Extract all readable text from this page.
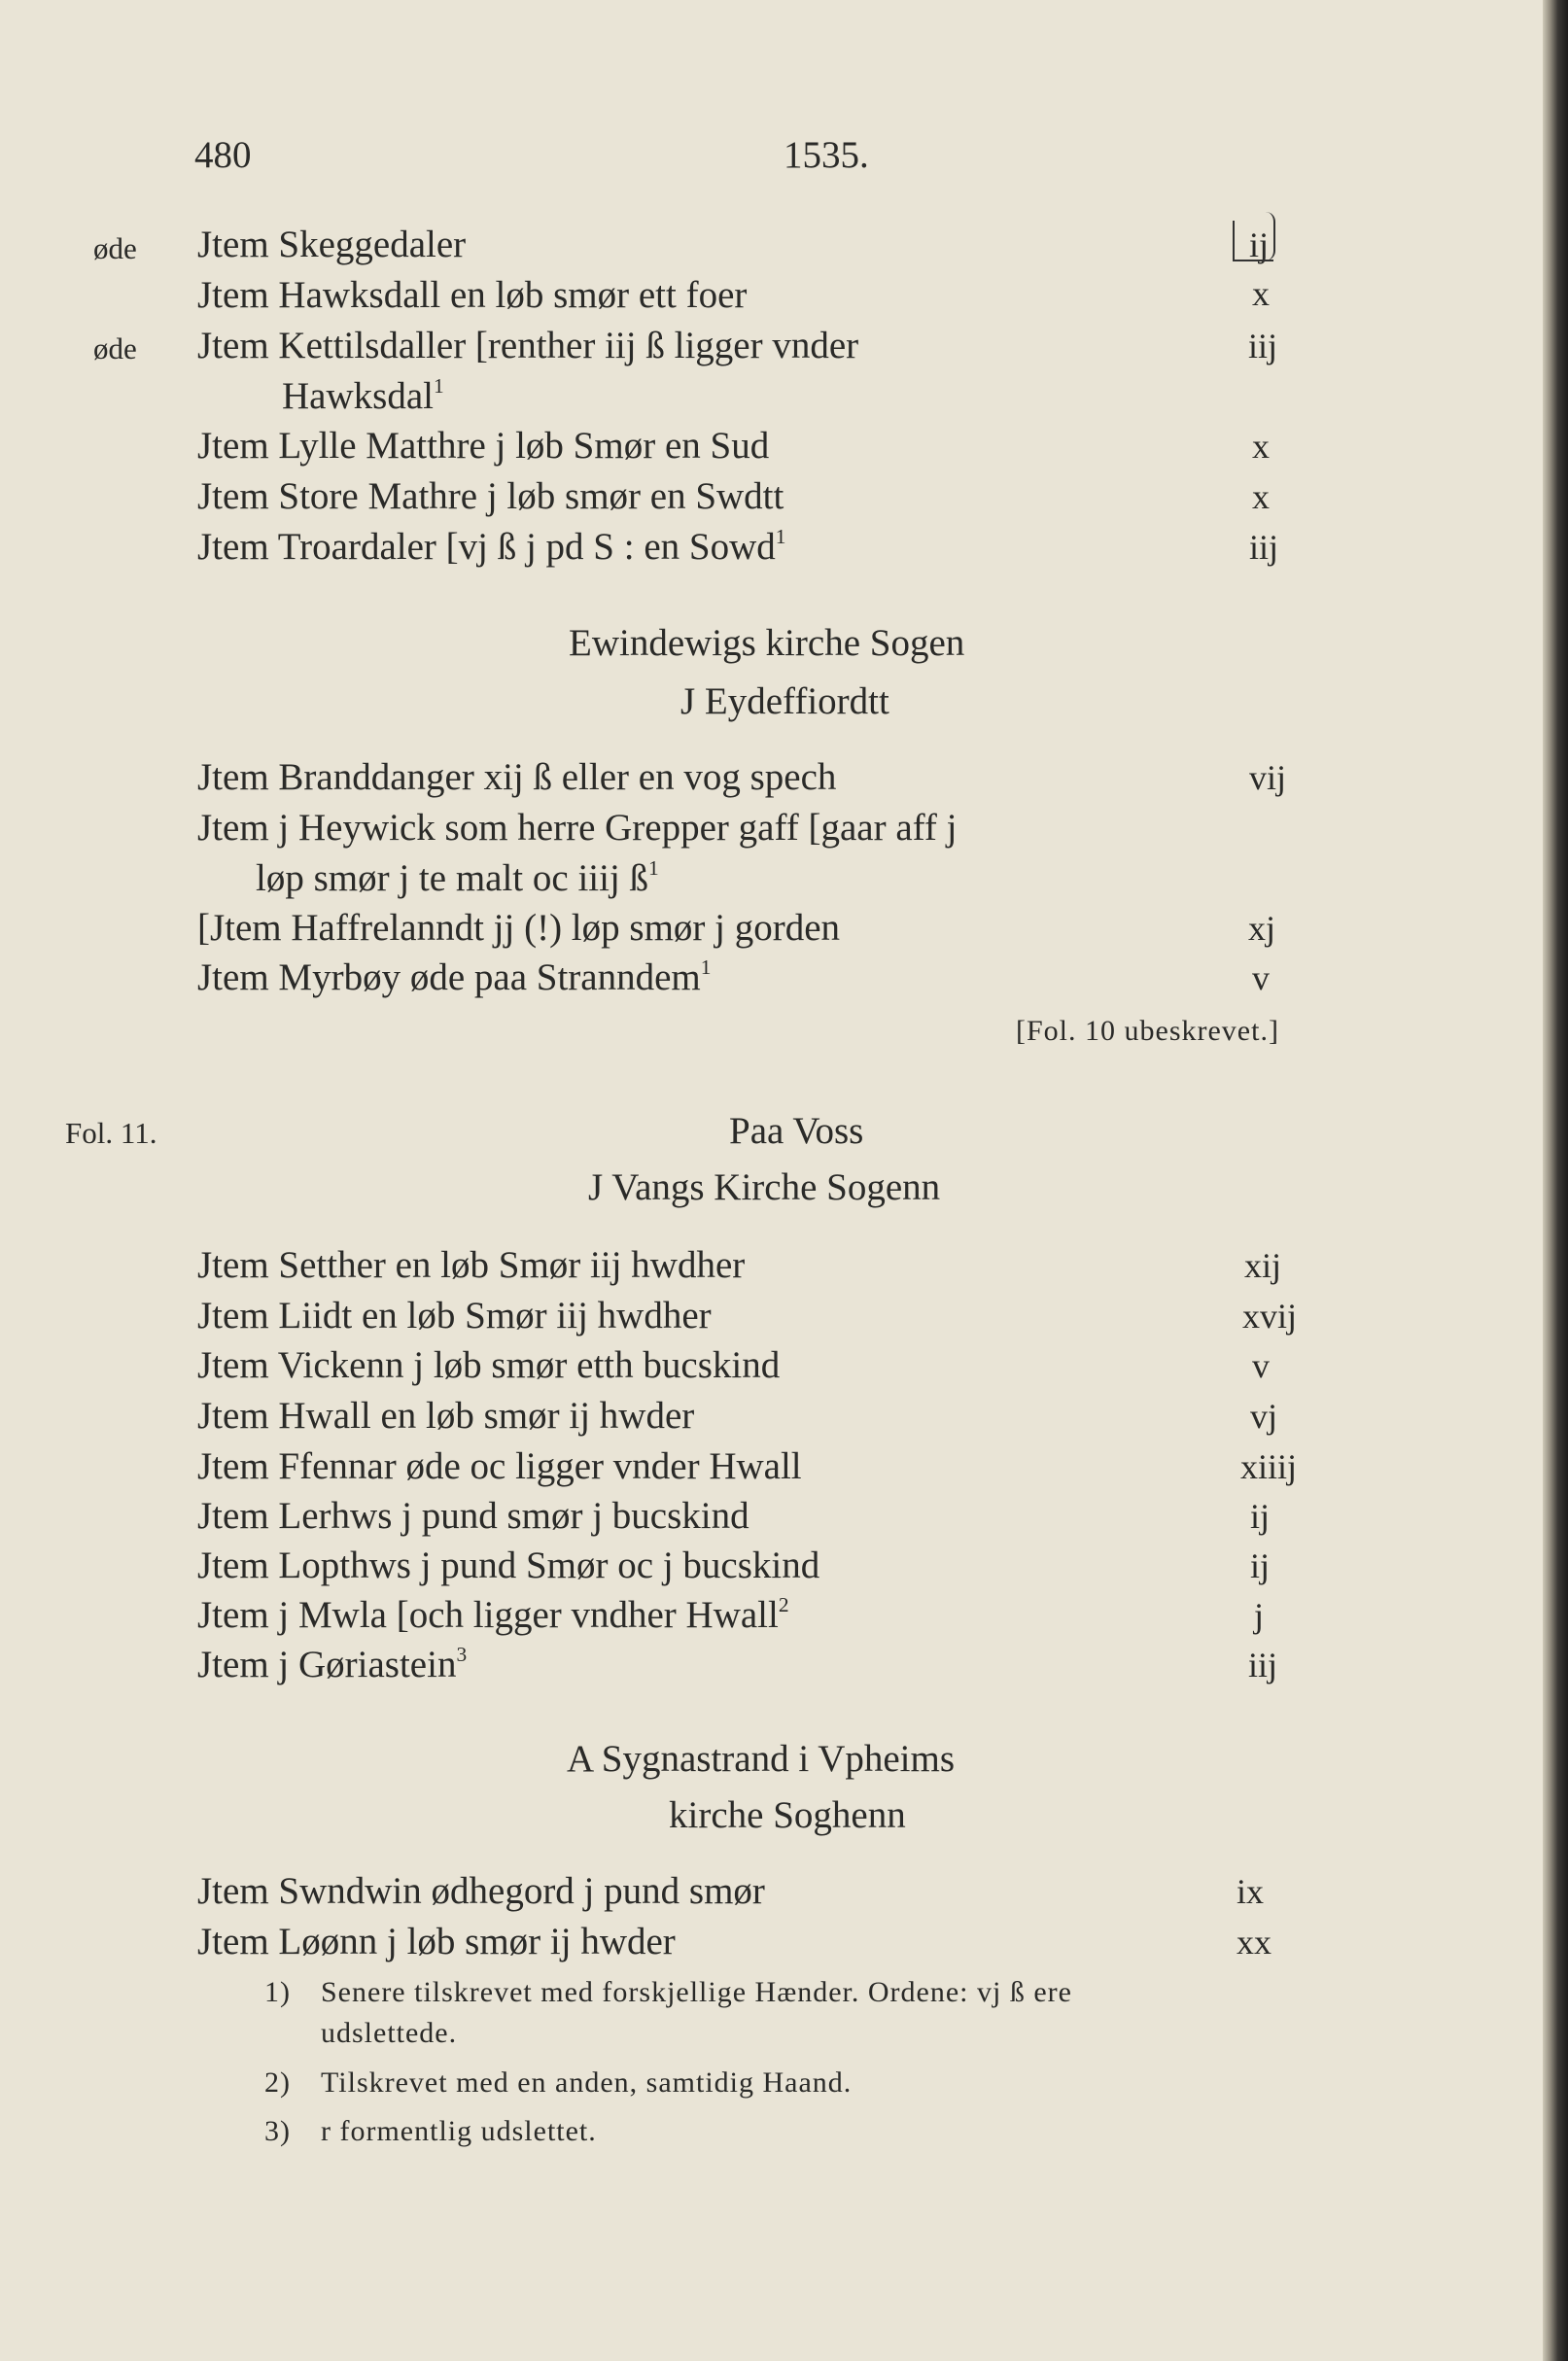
480	1535.
øde Jtem Skeggedaler	ij
Jtem Hawksdall en løb smør ett foer	x
øde Jtem Kettilsdaller [renther iij ß ligger vnder	iij
Hawksdal$^1$
Jtem Lylle Matthre j løb Smør en Sud	x
Jtem Store Mathre j løb smør en Swdtt	x
Jtem Troardaler [vj ß j pd S : en Sowd$^1$	iij
Ewindewigs kirche Sogen
J Eydeffiordtt
Jtem Branddanger xij ß eller en vog spech	vij
Jtem j Heywick som herre Grepper gaff [gaar aff j
løp smør j te malt oc iiij $ß^1$
[Jtem Haffrelanndt jj (!) løp smør j gorden	xj
Jtem Myrbøy øde paa Stranndem$^1$	v
[Fol. 10 ubeskrevet.]
Fol. 11.	Paa Voss
J Vangs Kirche Sogenn
Jtem Setther en løb Smør iij hwdher	xij
Jtem Liidt en løb Smør iij hwdher	xvij
Jtem Vickenn j løb smør etth bucskind	v
Jtem Hwall en løb smør ij hwder	vj
Jtem Ffennar øde oc ligger vnder Hwall	xiiij
Jtem Lerhws j pund smør j bucskind	ij
Jtem Lopthws j pund Smør oc j bucskind	ij
Jtem j Mwla [och ligger vndher Hwall$^2$	j
Jtem j Gøriastein$^3$	iij
A Sygnastrand i Vpheims
kirche Soghenn
Jtem Swndwin ødhegord j pund smør	ix
Jtem Løønn j løb smør ij hwder	xx
1) Senere tilskrevet med forskjellige Hænder. Ordene: vj ß ere
udslettede.
2) Tilskrevet med en anden, samtidig Haand.
3) r formentlig udslettet.
